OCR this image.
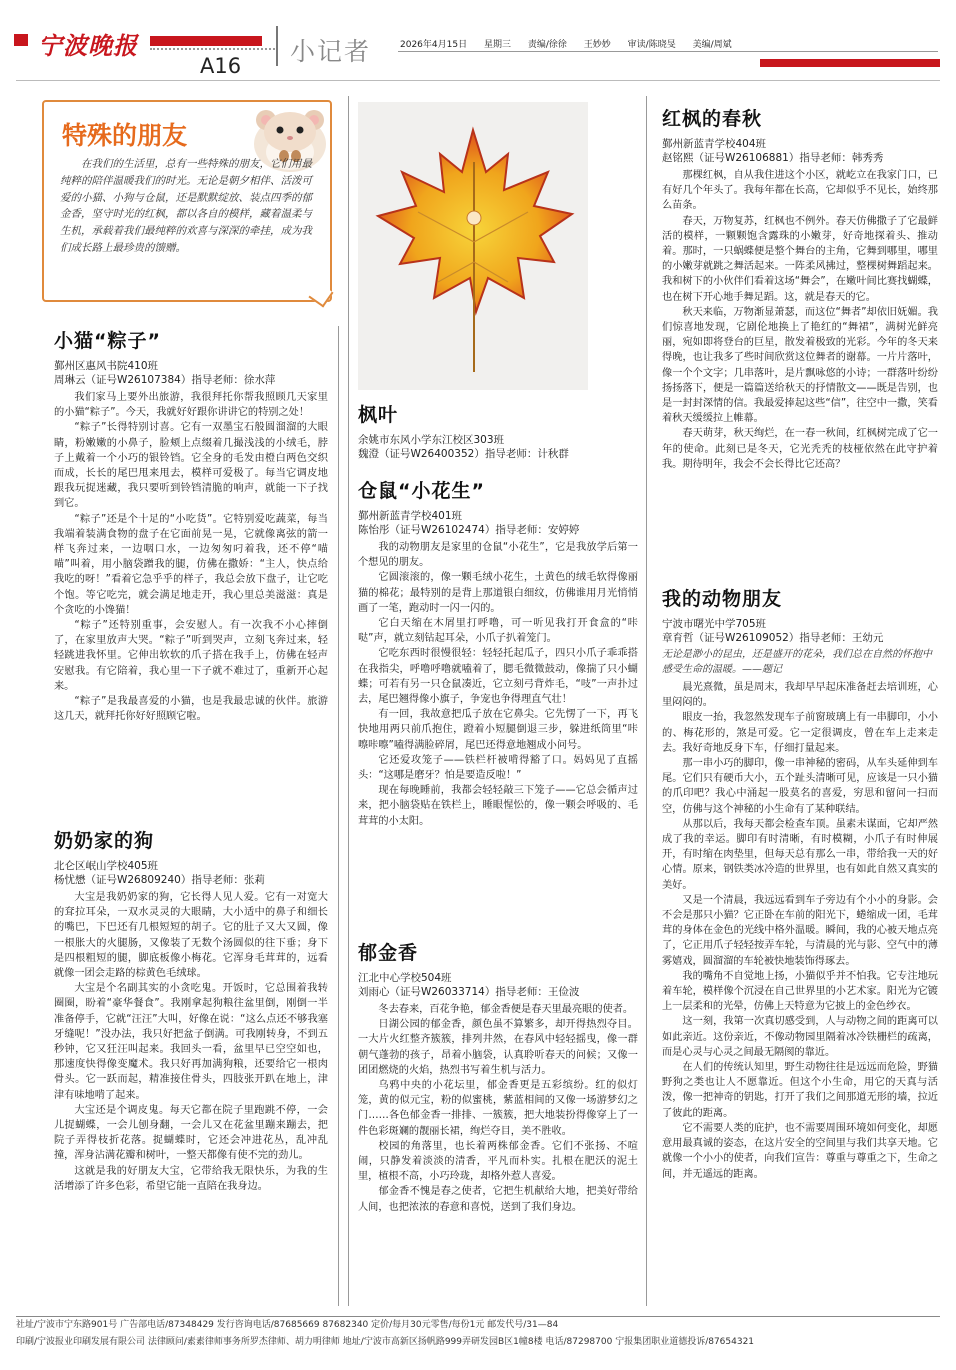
宁波晚报
A16 小记者	2026年4月15日 星期三 责编/徐徐 王妙妙 审读/陈晓旻 美编/周斌
特殊的朋友
在我们的生活里，总有一些特殊的朋友，它们用最纯粹的陪伴温暖我们的时光。无论是朝夕相伴、活泼可爱的小猫、小狗与仓鼠，还是默默绽放、装点四季的郁金香，坚守时光的红枫，都以各自的模样，藏着温柔与生机，承载着我们最纯粹的欢喜与深深的牵挂，成为我们成长路上最珍贵的馈赠。
小猫“粽子”
鄞州区惠风书院410班
周琳云（证号W26107384）指导老师：徐水萍

我们家马上要外出旅游，我很拜托你帮我照顾几天家里的小猫“粽子”。今天，我就好好跟你讲讲它的特别之处！

“粽子”长得特别讨喜。它有一双墨宝石般圆溜溜的大眼睛，粉嫩嫩的小鼻子，脸颊上点缀着几撮浅浅的小绒毛，脖子上戴着一个小巧的银铃铛。它全身的毛发由橙白两色交织而成，长长的尾巴甩来甩去，模样可爱极了。每当它调皮地跟我玩捉迷藏，我只要听到铃铛清脆的响声，就能一下子找到它。

“粽子”还是个十足的“小吃货”。它特别爱吃蔬菜，每当我端着装满食物的盘子在它面前晃一晃，它就像离弦的箭一样飞奔过来，一边咽口水，一边匆匆叼着我，还不停“喵喵”叫着，用小脑袋蹭我的腿，仿佛在撒娇：“主人，快点给我吃的呀！”看着它急乎乎的样子，我总会放下盘子，让它吃个饱。等它吃完，就会满足地走开，我心里总美滋滋：真是个贪吃的小馋猫！

“粽子”还特别重事，会安慰人。有一次我不小心摔倒了，在家里放声大哭。“粽子”听到哭声，立刻飞奔过来，轻轻跳进我怀里。它伸出软软的爪子搭在我手上，仿佛在轻声安慰我。有它陪着，我心里一下子就不难过了，重新开心起来。

“粽子”是我最喜爱的小猫，也是我最忠诚的伙伴。旅游这几天，就拜托你好好照顾它啦。

奶奶家的狗
北仑区岷山学校405班
杨忧懋（证号W26809240）指导老师：张莉

大宝是我奶奶家的狗，它长得人见人爱。它有一对宽大的耷拉耳朵，一双水灵灵的大眼睛，大小适中的鼻子和细长的嘴巴，下巴还有几根短短的胡子。它的肚子又大又圆，像一根胀大的火腿肠，又像装了无数个汤圆似的往下垂；身下是四根粗短的腿，脚底板像小梅花。它浑身毛茸茸的，远看就像一团会走路的棕黄色毛绒球。

大宝是个名副其实的小贪吃鬼。开饭时，它总围着我转圈圈，盼着“豪华餐食”。我刚拿起狗粮往盆里倒，刚倒一半准备停手，它就“汪汪”大叫，好像在说：“这么点还不够我塞牙缝呢！”没办法，我只好把盆子倒满。可我刚转身，不到五秒钟，它又狂汪叫起来。我回头一看，盆里早已空空如也，那速度快得像变魔术。我只好再加满狗粮，还要给它一根肉骨头。它一跃而起，精准接住骨头，四肢张开趴在地上，津津有味地啃了起来。

大宝还是个调皮鬼。每天它都在院子里跑跳不停，一会儿捉蝴蝶，一会儿刨身翻，一会儿又在花盆里蹦来蹦去，把院子弄得枝折花落。捉蝴蝶时，它还会冲进花丛，乱冲乱撞，浑身沾满花瓣和树叶，一整天都像有使不完的劲儿。

这就是我的好朋友大宝，它带给我无限快乐，为我的生活增添了许多色彩，希望它能一直陪在我身边。

枫叶
余姚市东风小学东江校区303班
魏澄（证号W26400352）指导老师：计秋群
仓鼠“小花生”
鄞州新蓝青学校401班
陈怡彤（证号W26102474）指导老师：安婷婷

我的动物朋友是家里的仓鼠“小花生”，它是我放学后第一个想见的朋友。

它圆滚滚的，像一颗毛绒小花生，土黄色的绒毛软得像丽猫的棉花；最特别的是背上那道银白细纹，仿佛谁用月光悄悄画了一笔，跑动时一闪一闪的。

它白天缩在木屑里打呼噜，可一听见我打开食盒的“咔哒”声，就立刻钻起耳朵，小爪子扒着笼门。

它吃东西时很慢很轻：轻轻托起瓜子，四只小爪子乖乖搭在我指尖，呼噜呼噜就嗑着了，腮毛微微鼓动，像揣了只小蝴蝶；可若有另一只仓鼠凑近，它立刻弓背炸毛，“吱”一声扑过去，尾巴翘得像小旗子，争宠也争得理直气壮！

有一回，我故意把瓜子放在它鼻尖。它先愣了一下，再飞快地用两只前爪抱住，蹬着小短腿倒退三步，躲进纸筒里“咔嚓咔嚓”嗑得满脸碎屑，尾巴还得意地翘成小问号。

它还爱攻笼子——铁栏杆被啃得豁了口。妈妈见了直摇头：“这哪是磨牙？怕是要造反啦！”

现在每晚睡前，我都会轻轻敲三下笼子——它总会循声过来，把小脑袋贴在铁栏上，睡眼惺忪的，像一颗会呼吸的、毛茸茸的小太阳。

郁金香
江北中心学校504班
刘雨心（证号W26033714）指导老师：王俭波

冬去春来，百花争艳，郁金香便是春天里最亮眼的使者。

日湖公园的郁金香，颜色虽不算繁多，却开得热烈夺目。一大片火红整齐簇簇，排列井然，在春风中轻轻摇曳，像一群朝气蓬勃的孩子，昂着小脑袋，认真聆听春天的问候；又像一团团燃烧的火焰，热烈书写着生机与活力。

乌鸦中央的小花坛里，郁金香更是五彩缤纷。红的似灯笼，黄的似元宝，粉的似蜜桃，紫蓝相间的又像一场游梦幻之门……各色郁金香一排排、一簇簇，把大地装扮得像穿上了一件色彩斑斓的靓丽长裙，绚烂夺目，美不胜收。

校园的角落里，也长着两株郁金香。它们不张扬、不喧闹，只静发着淡淡的清香，平凡而朴实。扎根在肥沃的泥土里，植根不高，小巧玲珑，却格外惹人喜爱。

郁金香不愧是春之使者，它把生机献给大地，把美好带给人间，也把浓浓的春意和喜悦，送到了我们身边。

红枫的春秋
鄞州新蓝青学校404班
赵铭熙（证号W26106881）指导老师：韩秀秀

那棵红枫，自从我住进这个小区，就屹立在我家门口，已有好几个年头了。我每年都在长高，它却似乎不见长，始终那么苗条。

春天，万物复苏，红枫也不例外。春天仿佛撒子了它最鲜活的模样，一颗颗饱含露珠的小嫩芽，好奇地探着头、推动着。那时，一只蜗蝶便是整个舞台的主角，它舞到哪里，哪里的小嫩芽就跳之舞活起来。一阵柔风拂过，整棵树舞蹈起来。我和树下的小伙伴们看着这场“舞会”，在嫩叶间比赛找蝴蝶，也在树下开心地手舞足蹈。这，就是春天的它。

秋天来临，万物渐显萧瑟，而这位“舞者”却依旧妩媚。我们惊喜地发现，它剧伦地换上了艳红的“舞裙”，满树光鲜亮丽，宛如即将登台的巨星，散发着极致的光彩。今年的冬天来得晚，也让我多了些时间欣赏这位舞者的谢幕。一片片落叶，像一个个文字；几串落叶，是片飘咏悠的小诗；一群落叶纷纷扬扬落下，便是一篇篇送给秋天的抒情散文——既是告别，也是一封封深情的信。我最爱捧起这些“信”，往空中一撒，笑看着秋天缓缓拉上帷幕。

春天萌芽，秋天绚烂，在一春一秋间，红枫树完成了它一年的使命。此刻已是冬天，它光秃秃的枝桠依然在此守护着我。期待明年，我会不会长得比它还高？

我的动物朋友
宁波市曙光中学705班
章育哲（证号W26109052）指导老师：王幼元
无论是渺小的昆虫，还是盛开的花朵，我们总在自然的怀抱中感受生命的温暖。——题记

晨光熹微，虽是周末，我却早早起床准备赶去培训班，心里闷闷的。

眼皮一抬，我忽然发现车子前窗玻璃上有一串脚印，小小的、梅花形的，煞是可爱。它一定很调皮，曾在车上走来走去。我好奇地反身下车，仔细打量起来。

那一串小巧的脚印，像一串神秘的密码，从车头延伸到车尾。它们只有硬币大小，五个趾头清晰可见，应该是一只小猫的爪印吧？我心中涌起一股莫名的喜爱，穷思和留问一扫而空，仿佛与这个神秘的小生命有了某种联结。

从那以后，我每天都会检查车顶。虽素未谋面，它却严然成了我的幸运。脚印有时清晰，有时模糊，小爪子有时伸展开，有时缩在肉垫里，但每天总有那么一串，带给我一天的好心情。原来，钢铁类冰冷造的世界里，也有如此自然又真实的美好。

又是一个清晨，我远远看到车子旁边有个小小的身影。会不会是那只小猫？它正卧在车前的阳光下，蜷缩成一团，毛茸茸的身体在金色的光线中格外温暖。瞬间，我的心被天地点亮了，它正用爪子轻轻按弄车轮，与清晨的光与影、空气中的薄雾嬉戏，圆溜溜的车轮被快地装饰得琢去。

我的嘴角不自觉地上扬，小猫似乎并不怕我。它专注地玩着车轮，模样像个沉浸在自己世界里的小艺术家。阳光为它镀上一层柔和的光晕，仿佛上天特意为它披上的金色纱衣。

这一刻，我第一次真切感受到，人与动物之间的距离可以如此亲近。这份亲近，不像动物园里隔着冰冷铁栅栏的疏离，而是心灵与心灵之间最无隔阂的靠近。

在人们的传统认知里，野生动物往往是远远而危险，野猫野狗之类也让人不愿靠近。但这个小生命，用它的天真与活泼，像一把神奇的钥匙，打开了我们之间那道无形的墙，拉近了彼此的距离。

它不需要人类的庇护，也不需要周围环境如何变化，却愿意用最真诚的姿态，在这片安全的空间里与我们共享天地。它就像一个小小的使者，向我们宣告：尊重与尊重之下，生命之间，并无遥远的距离。

社址/宁波市宁东路901号 广告部电话/87348429 发行咨询电话/87685669 87682340 定价/每月30元零售/每份1元 邮发代号/31—84
印刷/宁波报业印刷发展有限公司 法律顾问/素素律师事务所罗杰律师、胡力明律师 地址/宁波市高新区扬帆路999弄研发园B区1幢8楼 电话/87298700 宁报集团职业道德投诉/87654321
